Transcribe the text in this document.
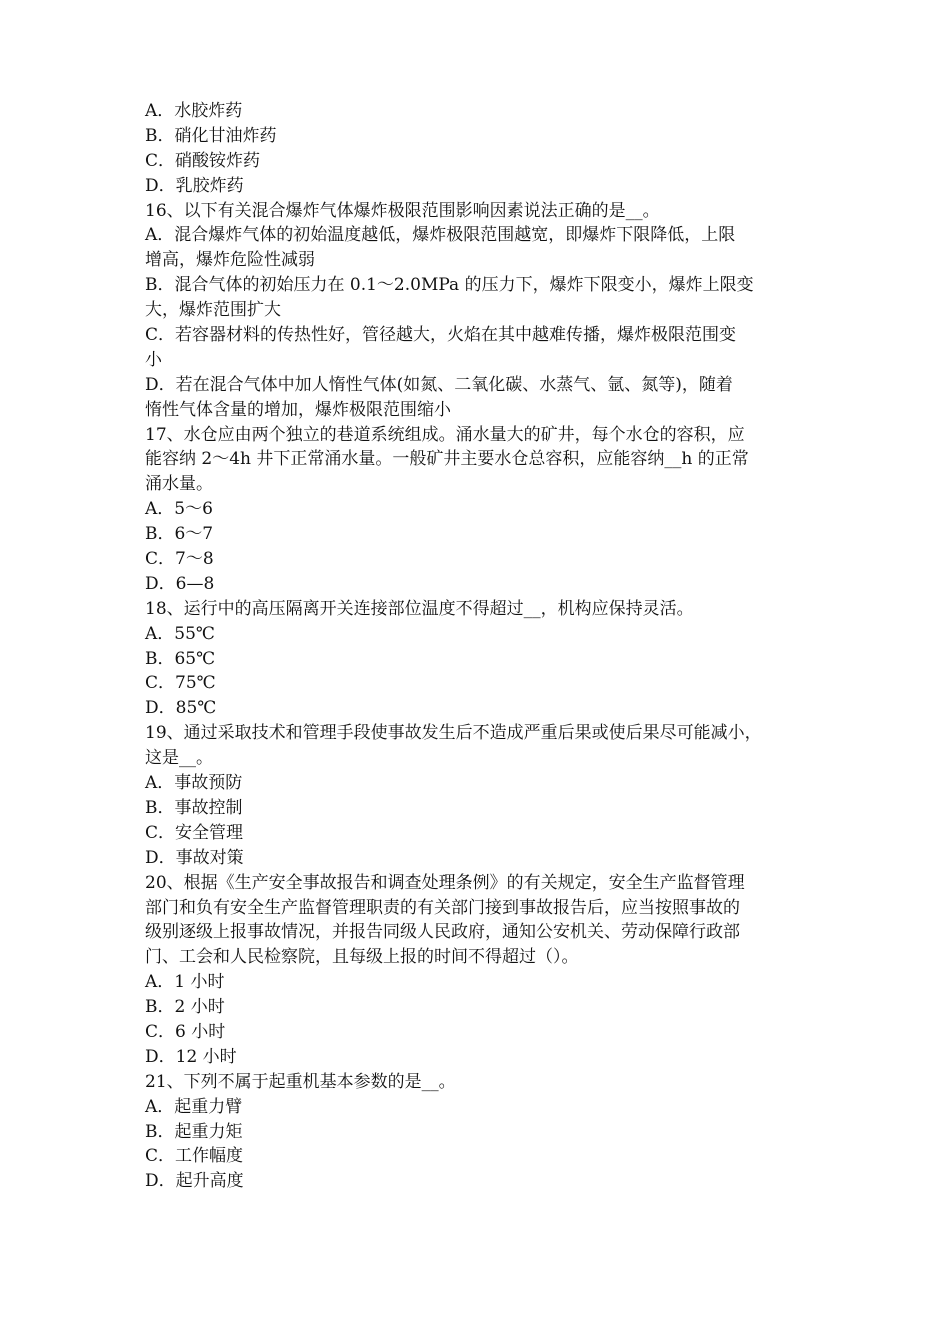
A．水胶炸药
B．硝化甘油炸药
C．硝酸铵炸药
D．乳胶炸药
16、以下有关混合爆炸气体爆炸极限范围影响因素说法正确的是__。
A．混合爆炸气体的初始温度越低，爆炸极限范围越宽，即爆炸下限降低，上限
增高，爆炸危险性减弱
B．混合气体的初始压力在 0.1～2.0MPa 的压力下，爆炸下限变小，爆炸上限变
大，爆炸范围扩大
C．若容器材料的传热性好，管径越大，火焰在其中越难传播，爆炸极限范围变
小
D．若在混合气体中加人惰性气体(如氮、二氧化碳、水蒸气、氩、氮等)，随着
惰性气体含量的增加，爆炸极限范围缩小
17、水仓应由两个独立的巷道系统组成。涌水量大的矿井，每个水仓的容积，应
能容纳 2～4h 井下正常涌水量。一般矿井主要水仓总容积，应能容纳__h 的正常
涌水量。
A．5～6
B．6～7
C．7～8
D．6—8
18、运行中的高压隔离开关连接部位温度不得超过__，机构应保持灵活。
A．55℃
B．65℃
C．75℃
D．85℃
19、通过采取技术和管理手段使事故发生后不造成严重后果或使后果尽可能减小，
这是__。
A．事故预防
B．事故控制
C．安全管理
D．事故对策
20、根据《生产安全事故报告和调查处理条例》的有关规定，安全生产监督管理
部门和负有安全生产监督管理职责的有关部门接到事故报告后，应当按照事故的
级别逐级上报事故情况，并报告同级人民政府，通知公安机关、劳动保障行政部
门、工会和人民检察院，且每级上报的时间不得超过（）。
A．1 小时
B．2 小时
C．6 小时
D．12 小时
21、下列不属于起重机基本参数的是__。
A．起重力臂
B．起重力矩
C．工作幅度
D．起升高度
